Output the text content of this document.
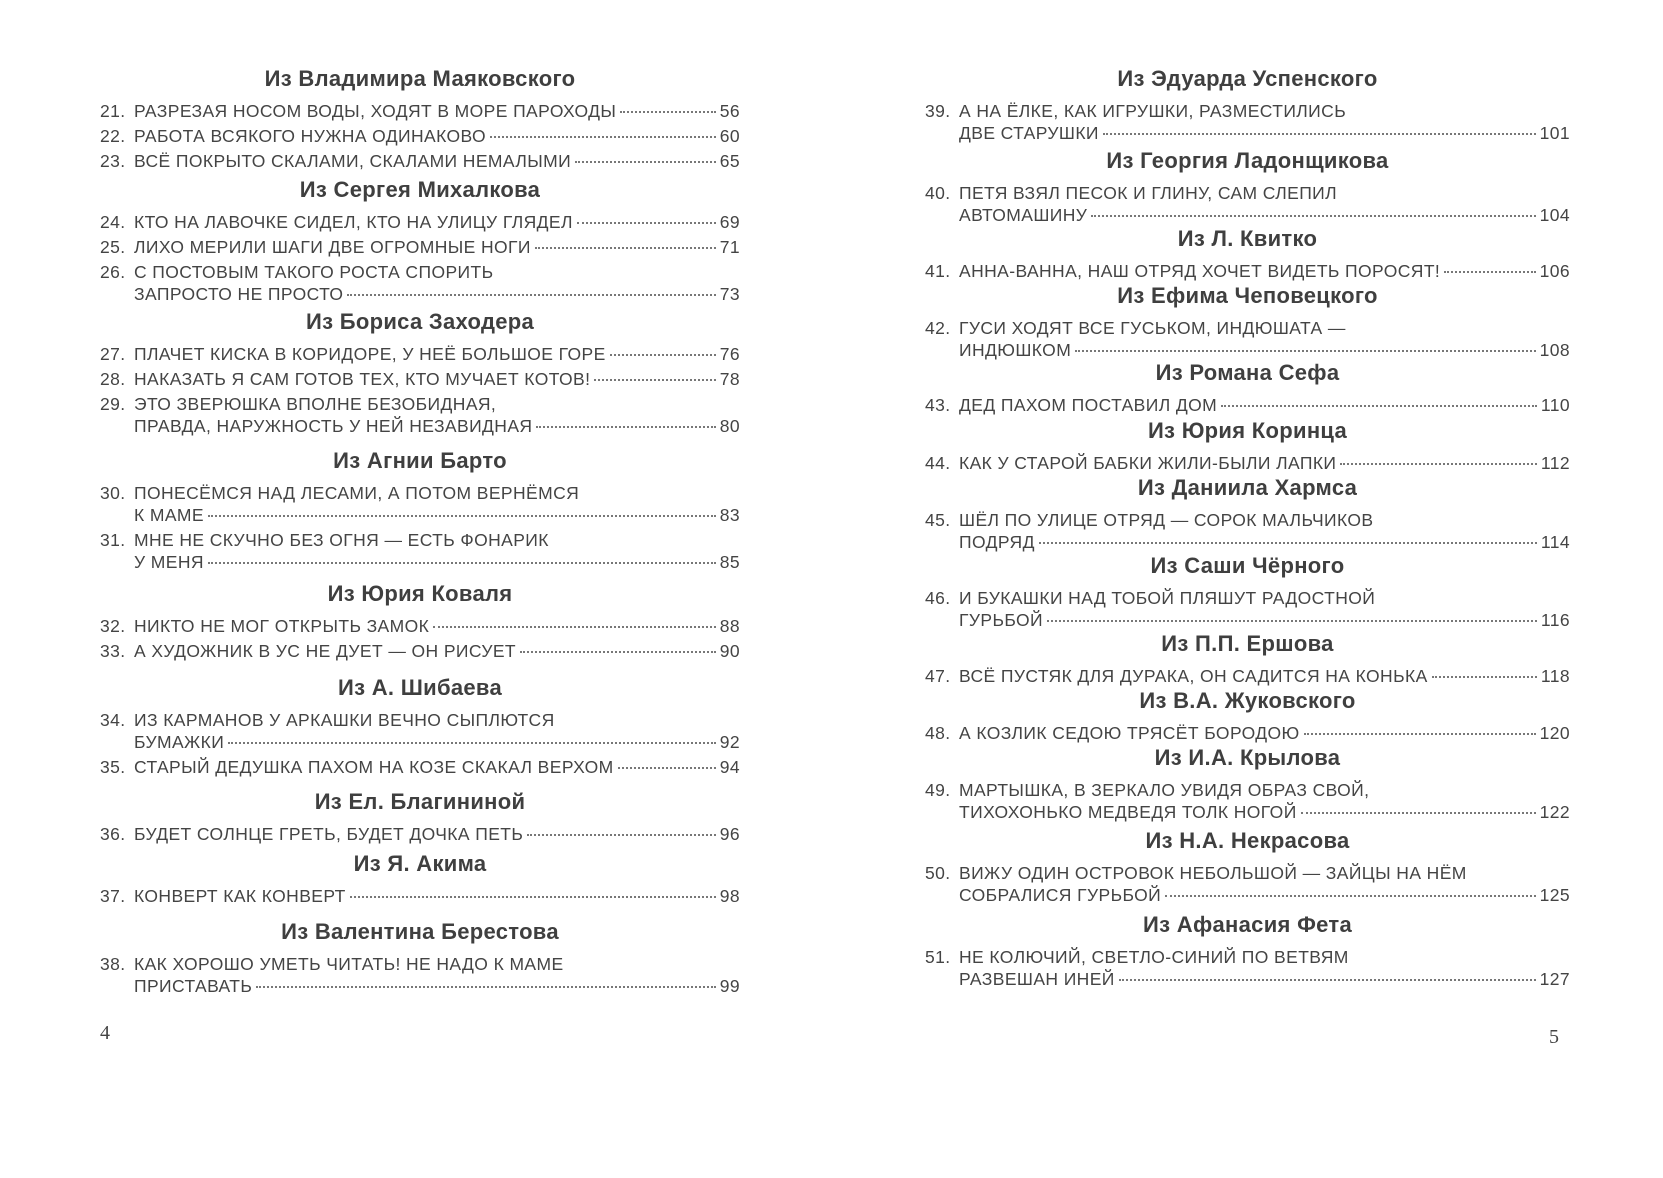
Из Владимира Маяковского
21. РАЗРЕЗАЯ НОСОМ ВОДЫ, ХОДЯТ В МОРЕ ПАРОХОДЫ	56
22. РАБОТА ВСЯКОГО НУЖНА ОДИНАКОВО	60
23. ВСЁ ПОКРЫТО СКАЛАМИ, СКАЛАМИ НЕМАЛЫМИ	65
Из Сергея Михалкова
24. КТО НА ЛАВОЧКЕ СИДЕЛ, КТО НА УЛИЦУ ГЛЯДЕЛ	69
25. ЛИХО МЕРИЛИ ШАГИ ДВЕ ОГРОМНЫЕ НОГИ	71
26. С ПОСТОВЫМ ТАКОГО РОСТА СПОРИТЬ
ЗАПРОСТО НЕ ПРОСТО	73
Из Бориса Заходера
27. ПЛАЧЕТ КИСКА В КОРИДОРЕ, У НЕЁ БОЛЬШОЕ ГОРЕ	76
28. НАКАЗАТЬ Я САМ ГОТОВ ТЕХ, КТО МУЧАЕТ КОТОВ!	78
29. ЭТО ЗВЕРЮШКА ВПОЛНЕ БЕЗОБИДНАЯ,
ПРАВДА, НАРУЖНОСТЬ У НЕЙ НЕЗАВИДНАЯ	80
Из Агнии Барто
30. ПОНЕСЁМСЯ НАД ЛЕСАМИ, А ПОТОМ ВЕРНЁМСЯ
К МАМЕ	83
31. МНЕ НЕ СКУЧНО БЕЗ ОГНЯ — ЕСТЬ ФОНАРИК
У МЕНЯ	85
Из Юрия Коваля
32. НИКТО НЕ МОГ ОТКРЫТЬ ЗАМОК	88
33. А ХУДОЖНИК В УС НЕ ДУЕТ — ОН РИСУЕТ	90
Из А. Шибаева
34. ИЗ КАРМАНОВ У АРКАШКИ ВЕЧНО СЫПЛЮТСЯ
БУМАЖКИ	92
35. СТАРЫЙ ДЕДУШКА ПАХОМ НА КОЗЕ СКАКАЛ ВЕРХОМ	94
Из Ел. Благининой
36. БУДЕТ СОЛНЦЕ ГРЕТЬ, БУДЕТ ДОЧКА ПЕТЬ	96
Из Я. Акима
37. КОНВЕРТ КАК КОНВЕРТ	98
Из Валентина Берестова
38. КАК ХОРОШО УМЕТЬ ЧИТАТЬ! НЕ НАДО К МАМЕ
ПРИСТАВАТЬ	99
Из Эдуарда Успенского
39. А НА ЁЛКЕ, КАК ИГРУШКИ, РАЗМЕСТИЛИСЬ
ДВЕ СТАРУШКИ	101
Из Георгия Ладонщикова
40. ПЕТЯ ВЗЯЛ ПЕСОК И ГЛИНУ, САМ СЛЕПИЛ
АВТОМАШИНУ	104
Из Л. Квитко
41. АННА-ВАННА, НАШ ОТРЯД ХОЧЕТ ВИДЕТЬ ПОРОСЯТ!	106
Из Ефима Чеповецкого
42. ГУСИ ХОДЯТ ВСЕ ГУСЬКОМ, ИНДЮШАТА —
ИНДЮШКОМ	108
Из Романа Сефа
43. ДЕД ПАХОМ ПОСТАВИЛ ДОМ	110
Из Юрия Коринца
44. КАК У СТАРОЙ БАБКИ ЖИЛИ-БЫЛИ ЛАПКИ	112
Из Даниила Хармса
45. ШЁЛ ПО УЛИЦЕ ОТРЯД — СОРОК МАЛЬЧИКОВ
ПОДРЯД	114
Из Саши Чёрного
46. И БУКАШКИ НАД ТОБОЙ ПЛЯШУТ РАДОСТНОЙ
ГУРЬБОЙ	116
Из П.П. Ершова
47. ВСЁ ПУСТЯК ДЛЯ ДУРАКА, ОН САДИТСЯ НА КОНЬКА	118
Из В.А. Жуковского
48. А КОЗЛИК СЕДОЮ ТРЯСЁТ БОРОДОЮ	120
Из И.А. Крылова
49. МАРТЫШКА, В ЗЕРКАЛО УВИДЯ ОБРАЗ СВОЙ,
ТИХОХОНЬКО МЕДВЕДЯ ТОЛК НОГОЙ	122
Из Н.А. Некрасова
50. ВИЖУ ОДИН ОСТРОВОК НЕБОЛЬШОЙ — ЗАЙЦЫ НА НЁМ
СОБРАЛИСЯ ГУРЬБОЙ	125
Из Афанасия Фета
51. НЕ КОЛЮЧИЙ, СВЕТЛО-СИНИЙ ПО ВЕТВЯМ
РАЗВЕШАН ИНЕЙ	127
4	5
